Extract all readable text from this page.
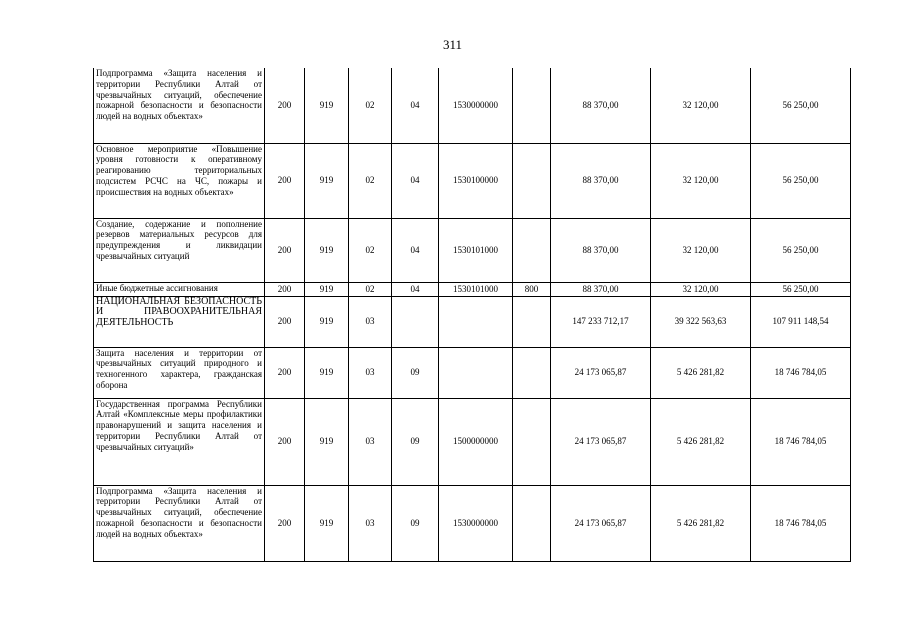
311
Подпрограмма «Защита населения и территории Республики Алтай от чрезвычайных ситуаций, обеспечение пожарной безопасности и безопасности людей на водных объектах»	200	919	02	04	1530000000		88 370,00	32 120,00	56 250,00
Основное мероприятие «Повышение уровня готовности к оперативному реагированию территориальных подсистем РСЧС на ЧС, пожары и происшествия на водных объектах»	200	919	02	04	1530100000		88 370,00	32 120,00	56 250,00
Создание, содержание и пополнение резервов материальных ресурсов для предупреждения и ликвидации чрезвычайных ситуаций	200	919	02	04	1530101000		88 370,00	32 120,00	56 250,00
Иные бюджетные ассигнования	200	919	02	04	1530101000	800	88 370,00	32 120,00	56 250,00
НАЦИОНАЛЬНАЯ БЕЗОПАСНОСТЬ И ПРАВООХРАНИТЕЛЬНАЯ ДЕЯТЕЛЬНОСТЬ	200	919	03				147 233 712,17	39 322 563,63	107 911 148,54
Защита населения и территории от чрезвычайных ситуаций природного и техногенного характера, гражданская оборона	200	919	03	09			24 173 065,87	5 426 281,82	18 746 784,05
Государственная программа Республики Алтай «Комплексные меры профилактики правонарушений и защита населения и территории Республики Алтай от чрезвычайных ситуаций»	200	919	03	09	1500000000		24 173 065,87	5 426 281,82	18 746 784,05
Подпрограмма «Защита населения и территории Республики Алтай от чрезвычайных ситуаций, обеспечение пожарной безопасности и безопасности людей на водных объектах»	200	919	03	09	1530000000		24 173 065,87	5 426 281,82	18 746 784,05
